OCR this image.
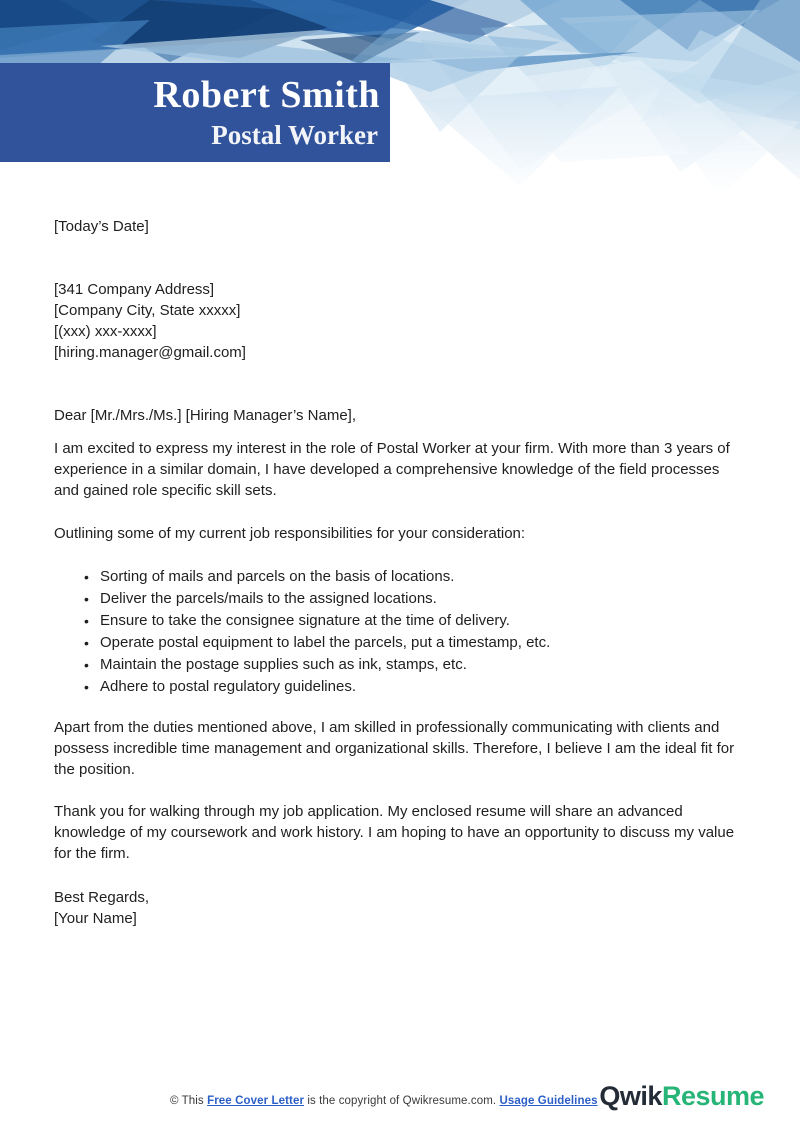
Robert Smith
Postal Worker
[Today’s Date]
[341 Company Address]
[Company City, State xxxxx]
[(xxx) xxx-xxxx]
[hiring.manager@gmail.com]
Dear [Mr./Mrs./Ms.] [Hiring Manager’s Name],
I am excited to express my interest in the role of Postal Worker at your firm. With more than 3 years of experience in a similar domain, I have developed a comprehensive knowledge of the field processes and gained role specific skill sets.
Outlining some of my current job responsibilities for your consideration:
• Sorting of mails and parcels on the basis of locations.
• Deliver the parcels/mails to the assigned locations.
• Ensure to take the consignee signature at the time of delivery.
• Operate postal equipment to label the parcels, put a timestamp, etc.
• Maintain the postage supplies such as ink, stamps, etc.
• Adhere to postal regulatory guidelines.
Apart from the duties mentioned above, I am skilled in professionally communicating with clients and possess incredible time management and organizational skills. Therefore, I believe I am the ideal fit for the position.
Thank you for walking through my job application. My enclosed resume will share an advanced knowledge of my coursework and work history. I am hoping to have an opportunity to discuss my value for the firm.
Best Regards,
[Your Name]
© This Free Cover Letter is the copyright of Qwikresume.com. Usage Guidelines QwikResume
